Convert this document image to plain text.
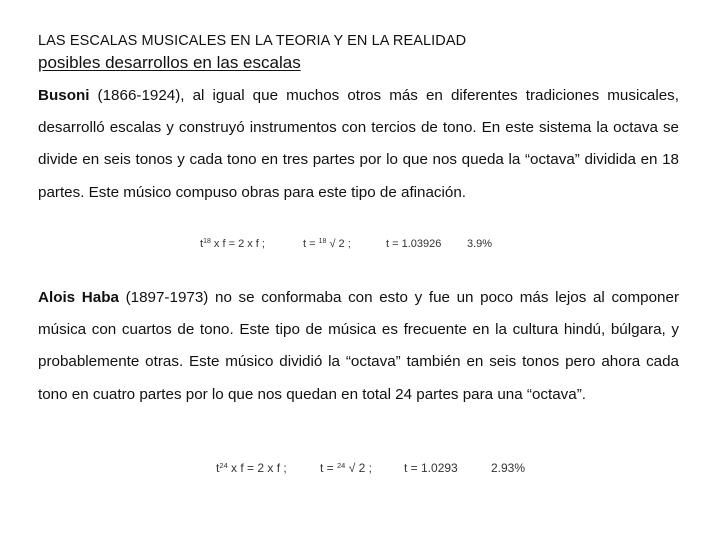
LAS ESCALAS MUSICALES EN LA TEORIA Y EN LA REALIDAD
posibles desarrollos en las escalas

Busoni (1866-1924), al igual que muchos otros más en diferentes tradiciones musicales, desarrolló escalas y construyó instrumentos con tercios de tono. En este sistema la octava se divide en seis tonos y cada tono en tres partes por lo que nos queda la “octava” dividida en 18 partes. Este músico compuso obras para este tipo de afinación.

$t^{18}$ x f = 2 x f ;	t = $^{18}$ √ 2 ;	t = 1.03926 3.9%

Alois Haba (1897-1973) no se conformaba con esto y fue un poco más lejos al componer música con cuartos de tono. Este tipo de música es frecuente en la cultura hindú, búlgara, y probablemente otras. Este músico dividió la “octava” también en seis tonos pero ahora cada tono en cuatro partes por lo que nos quedan en total 24 partes para una “octava”.

$t^{24}$ x f = 2 x f ;	t = $^{24}$ √ 2 ;	t = 1.0293	2.93%
